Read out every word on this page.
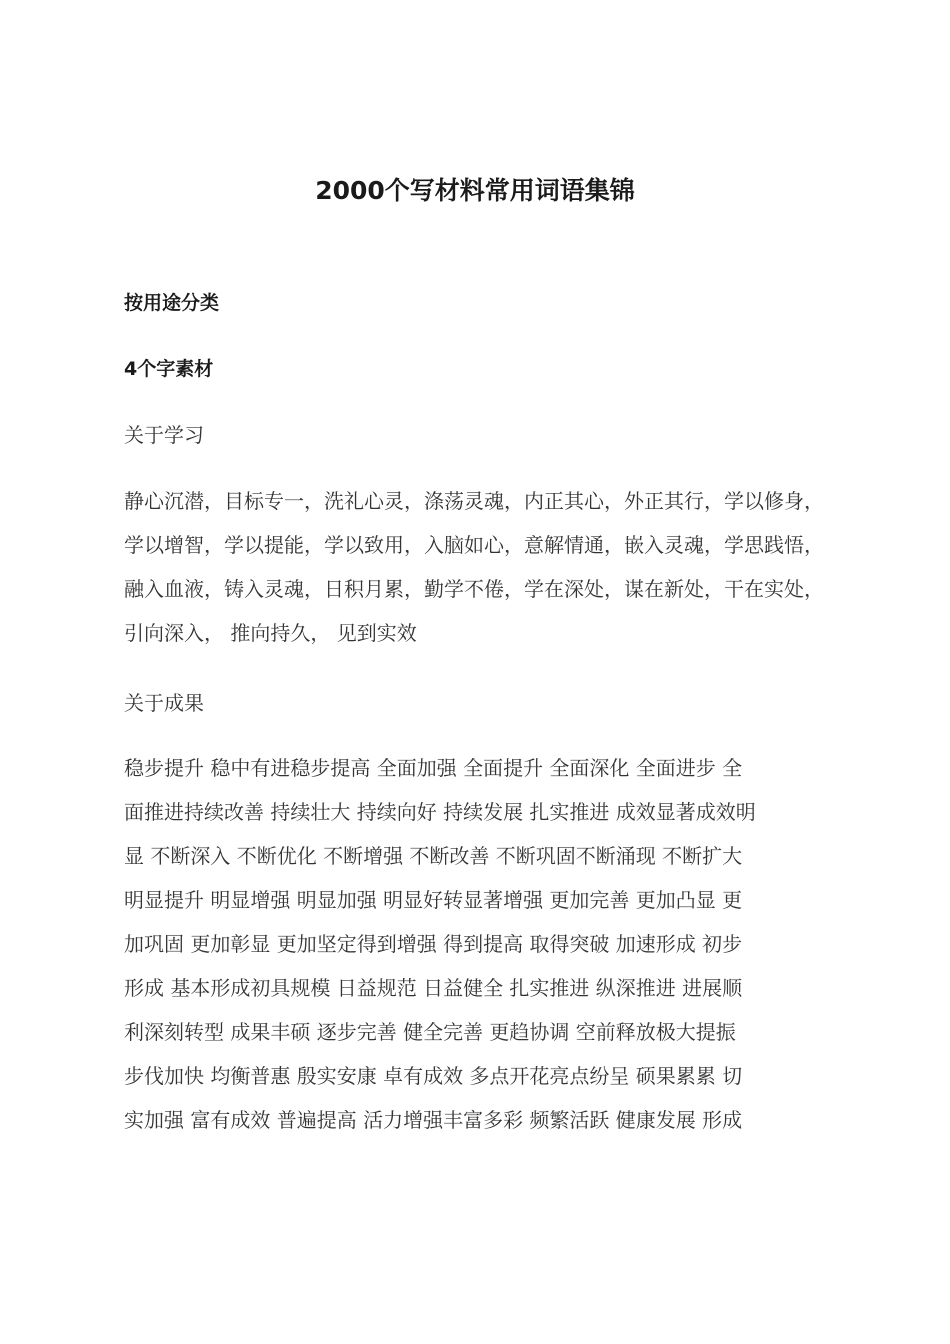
2000个写材料常用词语集锦
按用途分类
4个字素材
关于学习
静心沉潜，目标专一，洗礼心灵，涤荡灵魂，内正其心，外正其行，学以修身，
学以增智，学以提能，学以致用，入脑如心，意解情通，嵌入灵魂，学思践悟，
融入血液，铸入灵魂，日积月累，勤学不倦，学在深处，谋在新处，干在实处，
引向深入， 推向持久， 见到实效
关于成果
稳步提升 稳中有进稳步提高 全面加强 全面提升 全面深化 全面进步 全
面推进持续改善 持续壮大 持续向好 持续发展 扎实推进 成效显著成效明
显 不断深入 不断优化 不断增强 不断改善 不断巩固不断涌现 不断扩大
明显提升 明显增强 明显加强 明显好转显著增强 更加完善 更加凸显 更
加巩固 更加彰显 更加坚定得到增强 得到提高 取得突破 加速形成 初步
形成 基本形成初具规模 日益规范 日益健全 扎实推进 纵深推进 进展顺
利深刻转型 成果丰硕 逐步完善 健全完善 更趋协调 空前释放极大提振
步伐加快 均衡普惠 殷实安康 卓有成效 多点开花亮点纷呈 硕果累累 切
实加强 富有成效 普遍提高 活力增强丰富多彩 频繁活跃 健康发展 形成
